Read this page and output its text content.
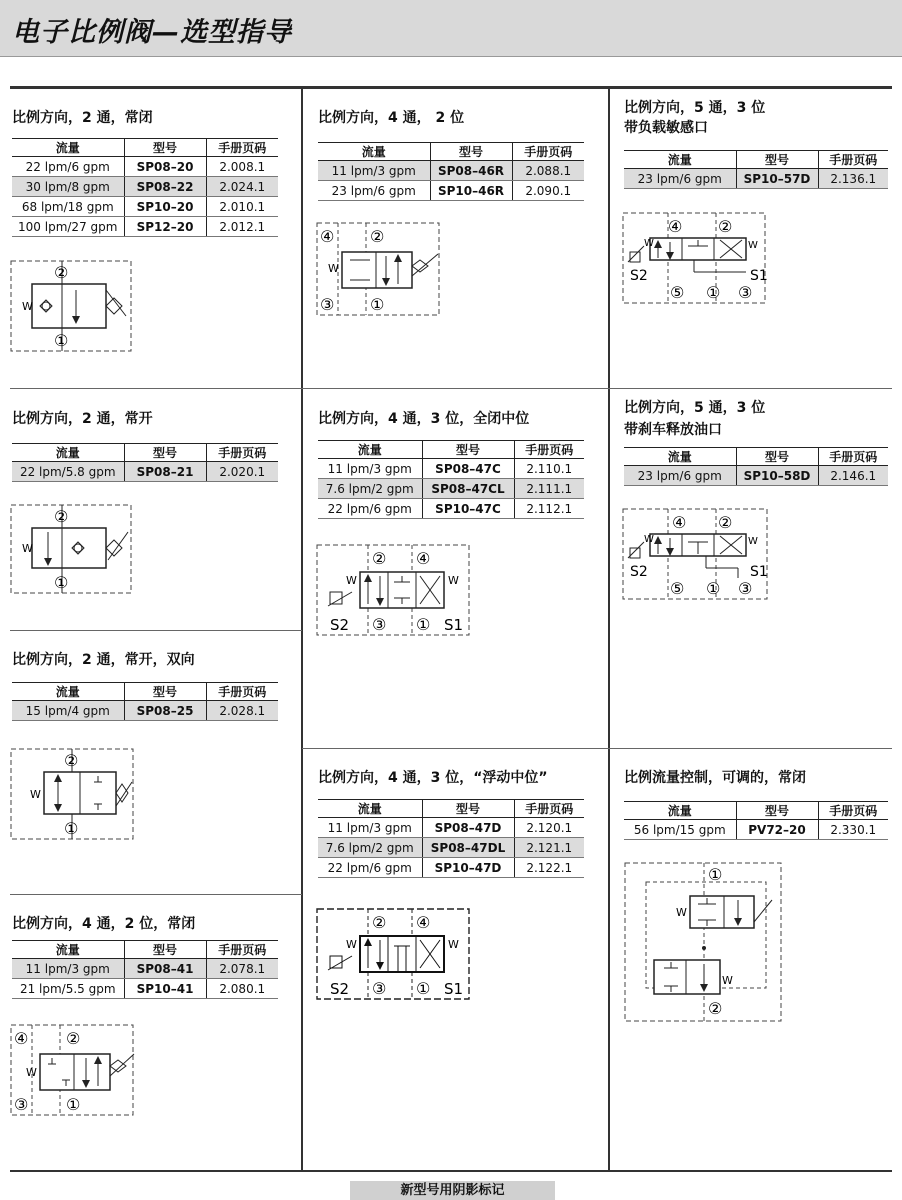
电子比例阀—选型指导
比例方向，2 通，常闭
流量	型号	手册页码
22 lpm/6 gpm	SP08–20	2.008.1
30 lpm/8 gpm	SP08–22	2.024.1
68 lpm/18 gpm	SP10–20	2.010.1
100 lpm/27 gpm	SP12–20	2.012.1
W
②
①
比例方向，2 通，常开
流量	型号	手册页码
22 lpm/5.8 gpm	SP08–21	2.020.1
W
②
①
比例方向，2 通，常开，双向
流量	型号	手册页码
15 lpm/4 gpm	SP08–25	2.028.1
W
②
①
比例方向，4 通，2 位，常闭
流量	型号	手册页码
11 lpm/3 gpm	SP08–41	2.078.1
21 lpm/5.5 gpm	SP10–41	2.080.1
W
④ ②
③ ①
比例方向，4 通， 2 位
流量	型号	手册页码
11 lpm/3 gpm	SP08–46R	2.088.1
23 lpm/6 gpm	SP10–46R	2.090.1
W
④ ②
③ ①
比例方向，4 通，3 位，全闭中位
流量	型号	手册页码
11 lpm/3 gpm	SP08–47C	2.110.1
7.6 lpm/2 gpm	SP08–47CL	2.111.1
22 lpm/6 gpm	SP10–47C	2.112.1
W	W
② ④
S2 ③ ① S1
比例方向，4 通，3 位，“浮动中位”
流量	型号	手册页码
11 lpm/3 gpm	SP08–47D	2.120.1
7.6 lpm/2 gpm	SP08–47DL	2.121.1
22 lpm/6 gpm	SP10–47D	2.122.1
W	W
② ④
S2 ③ ① S1
比例方向，5 通，3 位
带负载敏感口
流量	型号	手册页码
23 lpm/6 gpm	SP10–57D	2.136.1
W	W
④ ②
S2	S1
⑤ ① ③
比例方向，5 通，3 位
带刹车释放油口
流量	型号	手册页码
23 lpm/6 gpm	SP10–58D	2.146.1
W	W
④ ②
S2	S1
⑤ ① ③
比例流量控制，可调的，常闭
流量	型号	手册页码
56 lpm/15 gpm	PV72–20	2.330.1
W
W
①
②
新型号用阴影标记
